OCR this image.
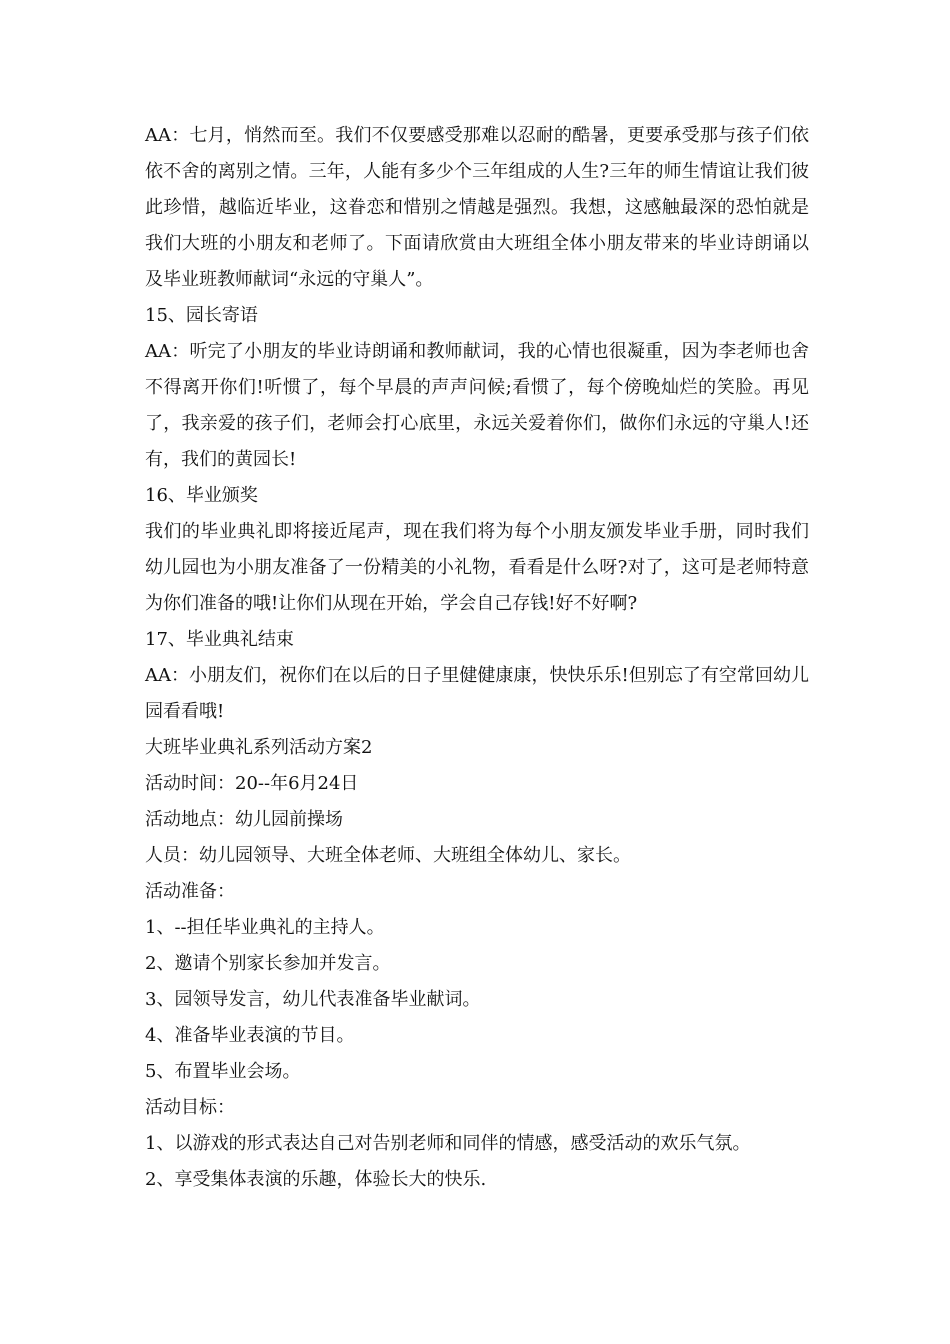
AA：七月，悄然而至。我们不仅要感受那难以忍耐的酷暑，更要承受那与孩子们依依不舍的离别之情。三年，人能有多少个三年组成的人生?三年的师生情谊让我们彼此珍惜，越临近毕业，这眷恋和惜别之情越是强烈。我想，这感触最深的恐怕就是我们大班的小朋友和老师了。下面请欣赏由大班组全体小朋友带来的毕业诗朗诵以及毕业班教师献词“永远的守巢人”。

15、园长寄语

AA：听完了小朋友的毕业诗朗诵和教师献词，我的心情也很凝重，因为李老师也舍不得离开你们!听惯了，每个早晨的声声问候;看惯了，每个傍晚灿烂的笑脸。再见了，我亲爱的孩子们，老师会打心底里，永远关爱着你们，做你们永远的守巢人!还有，我们的黄园长!

16、毕业颁奖

我们的毕业典礼即将接近尾声，现在我们将为每个小朋友颁发毕业手册，同时我们幼儿园也为小朋友准备了一份精美的小礼物，看看是什么呀?对了，这可是老师特意为你们准备的哦!让你们从现在开始，学会自己存钱!好不好啊?

17、毕业典礼结束

AA：小朋友们，祝你们在以后的日子里健健康康，快快乐乐!但别忘了有空常回幼儿园看看哦!

大班毕业典礼系列活动方案2

活动时间：20--年6月24日

活动地点：幼儿园前操场

人员：幼儿园领导、大班全体老师、大班组全体幼儿、家长。

活动准备：

1、--担任毕业典礼的主持人。

2、邀请个别家长参加并发言。

3、园领导发言，幼儿代表准备毕业献词。

4、准备毕业表演的节目。

5、布置毕业会场。

活动目标：

1、以游戏的形式表达自己对告别老师和同伴的情感，感受活动的欢乐气氛。

2、享受集体表演的乐趣，体验长大的快乐.
